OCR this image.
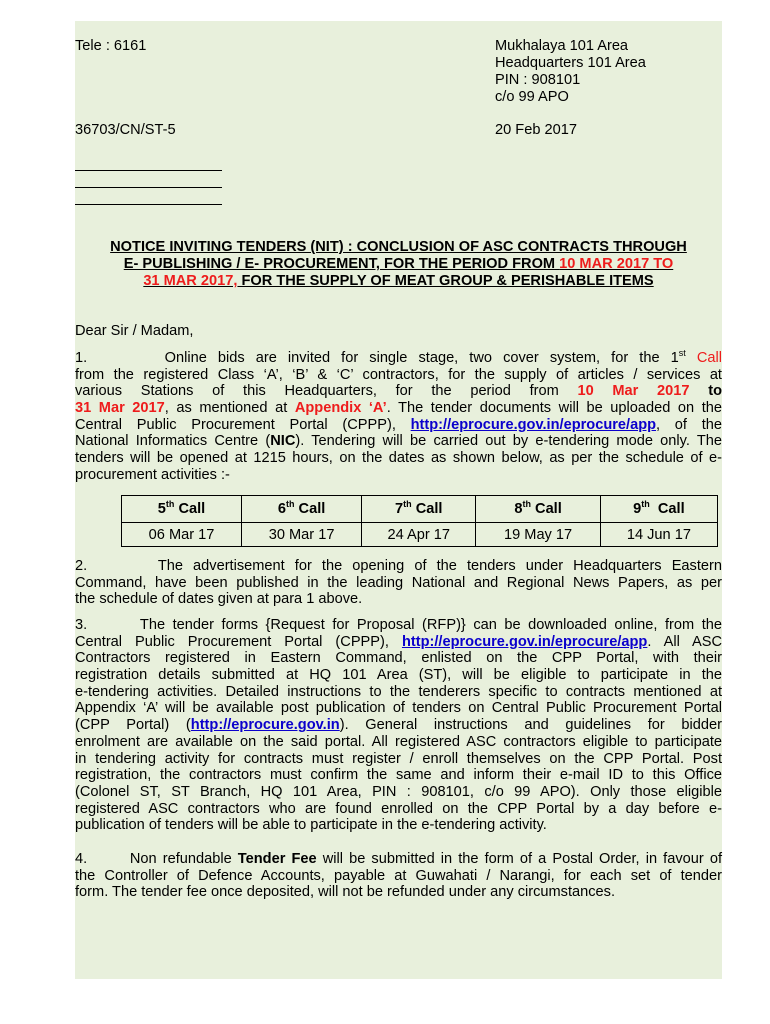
Tele : 6161	Mukhalaya 101 Area
Headquarters 101 Area
PIN : 908101
c/o 99 APO
36703/CN/ST-5	20 Feb 2017
NOTICE INVITING TENDERS (NIT) : CONCLUSION OF ASC CONTRACTS THROUGH
E- PUBLISHING / E- PROCUREMENT, FOR THE PERIOD FROM 10 MAR 2017 TO
31 MAR 2017, FOR THE SUPPLY OF MEAT GROUP & PERISHABLE ITEMS
Dear Sir / Madam,
1.       Online bids are invited for single stage, two cover system, for the 1st Call
from the registered Class ‘A’, ‘B’ & ‘C’ contractors, for the supply of articles / services at
various Stations of this Headquarters, for the period from 10 Mar 2017 to
31 Mar 2017, as mentioned at Appendix ‘A’. The tender documents will be uploaded on the
Central Public Procurement Portal (CPPP), http://eprocure.gov.in/eprocure/app, of the
National Informatics Centre (NIC). Tendering will be carried out by e-tendering mode only. The
tenders will be opened at 1215 hours, on the dates as shown below, as per the schedule of e-
procurement activities :-
5th Call	6th Call	7th Call	8th Call	9th  Call
06 Mar 17	30 Mar 17	24 Apr 17	19 May 17	14 Jun 17
2.       The advertisement for the opening of the tenders under Headquarters Eastern
Command, have been published in the leading National and Regional News Papers, as per
the schedule of dates given at para 1 above.
3.       The tender forms {Request for Proposal (RFP)} can be downloaded online, from the
Central Public Procurement Portal (CPPP), http://eprocure.gov.in/eprocure/app. All ASC
Contractors registered in Eastern Command, enlisted on the CPP Portal, with their
registration details submitted at HQ 101 Area (ST), will be eligible to participate in the
e-tendering activities. Detailed instructions to the tenderers specific to contracts mentioned at
Appendix ‘A’ will be available post publication of tenders on Central Public Procurement Portal
(CPP Portal) (http://eprocure.gov.in). General instructions and guidelines for bidder
enrolment are available on the said portal. All registered ASC contractors eligible to participate
in tendering activity for contracts must register / enroll themselves on the CPP Portal. Post
registration, the contractors must confirm the same and inform their e-mail ID to this Office
(Colonel ST, ST Branch, HQ 101 Area, PIN : 908101, c/o 99 APO). Only those eligible
registered ASC contractors who are found enrolled on the CPP Portal by a day before e-
publication of tenders will be able to participate in the e-tendering activity.
4.       Non refundable Tender Fee will be submitted in the form of a Postal Order, in favour of
the Controller of Defence Accounts, payable at Guwahati / Narangi, for each set of tender
form. The tender fee once deposited, will not be refunded under any circumstances.
